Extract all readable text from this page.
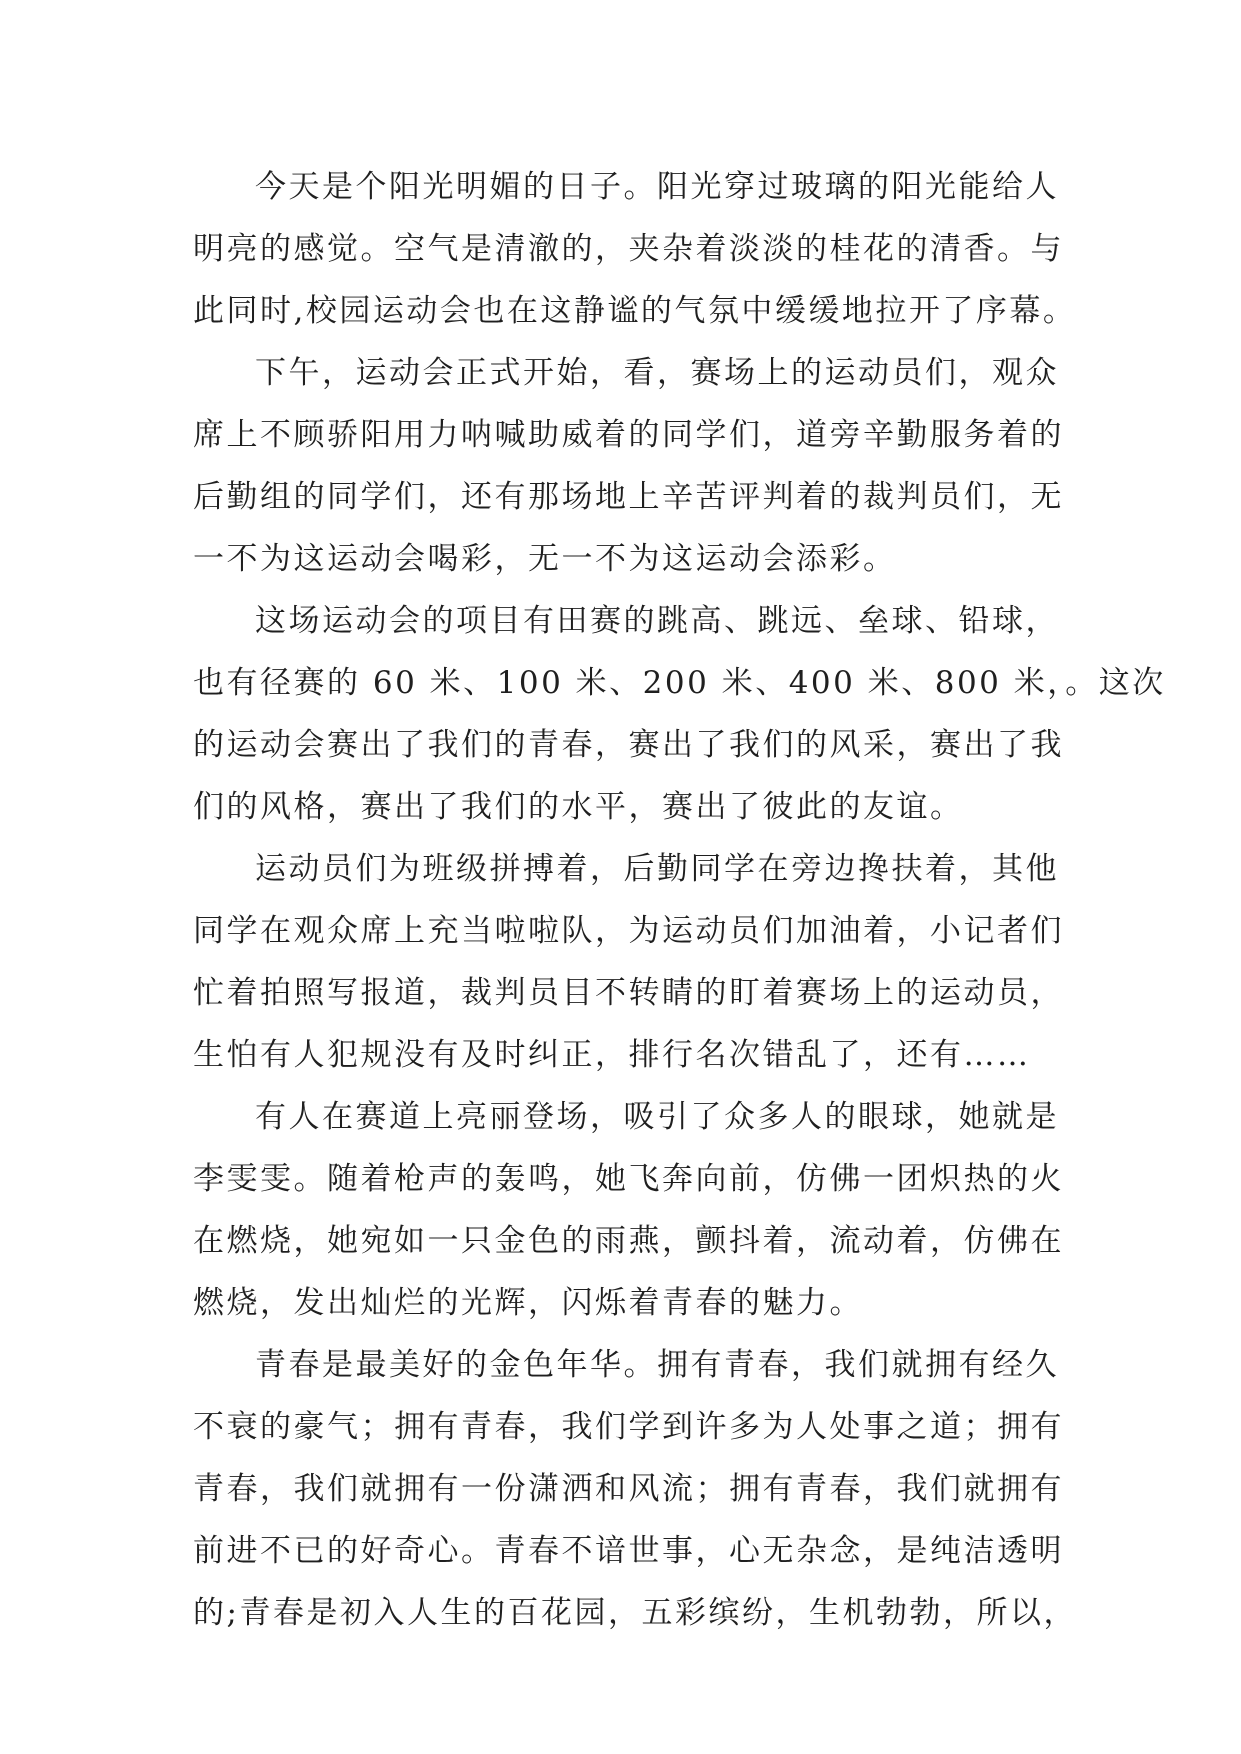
今天是个阳光明媚的日子。阳光穿过玻璃的阳光能给人
明亮的感觉。空气是清澈的，夹杂着淡淡的桂花的清香。与
此同时,校园运动会也在这静谧的气氛中缓缓地拉开了序幕。
下午，运动会正式开始，看，赛场上的运动员们，观众
席上不顾骄阳用力呐喊助威着的同学们，道旁辛勤服务着的
后勤组的同学们，还有那场地上辛苦评判着的裁判员们，无
一不为这运动会喝彩，无一不为这运动会添彩。
这场运动会的项目有田赛的跳高、跳远、垒球、铅球，
也有径赛的 60 米、100 米、200 米、400 米、800 米，。这次
的运动会赛出了我们的青春，赛出了我们的风采，赛出了我
们的风格，赛出了我们的水平，赛出了彼此的友谊。
运动员们为班级拼搏着，后勤同学在旁边搀扶着，其他
同学在观众席上充当啦啦队，为运动员们加油着，小记者们
忙着拍照写报道，裁判员目不转睛的盯着赛场上的运动员，
生怕有人犯规没有及时纠正，排行名次错乱了，还有……
有人在赛道上亮丽登场，吸引了众多人的眼球，她就是
李雯雯。随着枪声的轰鸣，她飞奔向前，仿佛一团炽热的火
在燃烧，她宛如一只金色的雨燕，颤抖着，流动着，仿佛在
燃烧，发出灿烂的光辉，闪烁着青春的魅力。
青春是最美好的金色年华。拥有青春，我们就拥有经久
不衰的豪气；拥有青春，我们学到许多为人处事之道；拥有
青春，我们就拥有一份潇洒和风流；拥有青春，我们就拥有
前进不已的好奇心。青春不谙世事，心无杂念，是纯洁透明
的;青春是初入人生的百花园，五彩缤纷，生机勃勃，所以，
